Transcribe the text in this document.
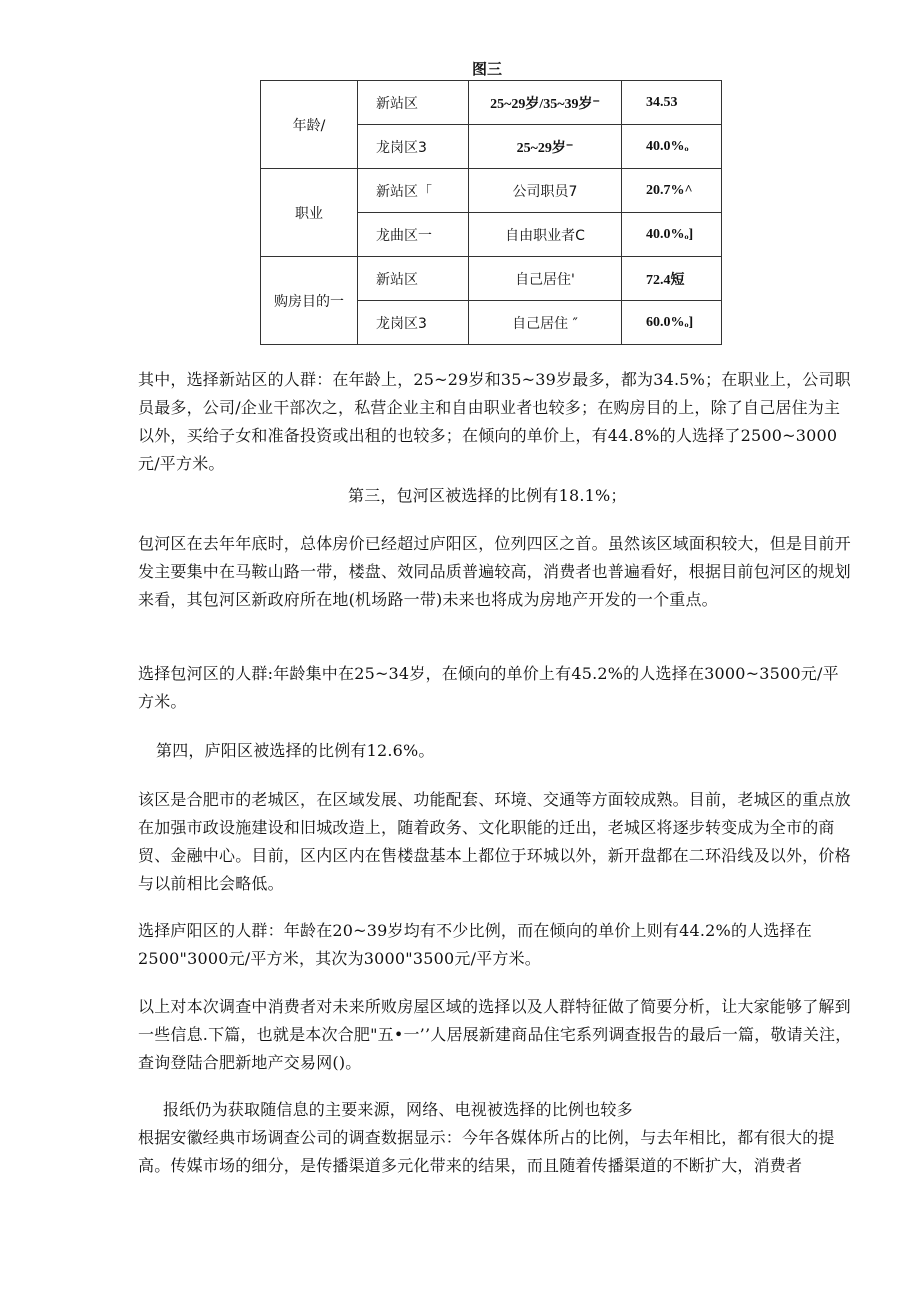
图三
年龄/	新站区	25~29岁/35~39岁⁻	34.53
	龙岗区3	25~29岁⁻	40.0%ₒ
职业	新站区「	公司职员7	20.7%^
	龙曲区一	自由职业者C	40.0%ₒ]
购房目的一	新站区	自己居住'	72.4短
	龙岗区3	自己居住 ″	60.0%ₒ]

其中，选择新站区的人群：在年龄上，25~29岁和35~39岁最多，都为34.5%；在职业上，公司职员最多，公司/企业干部次之，私营企业主和自由职业者也较多；在购房目的上，除了自己居住为主以外，买给子女和准备投资或出租的也较多；在倾向的单价上，有44.8%的人选择了2500~3000元/平方米。

第三，包河区被选择的比例有18.1%；

包河区在去年年底时，总体房价已经超过庐阳区，位列四区之首。虽然该区域面积较大，但是目前开发主要集中在马鞍山路一带，楼盘、效同品质普遍较高，消费者也普遍看好，根据目前包河区的规划来看，其包河区新政府所在地(机场路一带)未来也将成为房地产开发的一个重点。

选择包河区的人群:年龄集中在25~34岁，在倾向的单价上有45.2%的人选择在3000~3500元/平方米。

第四，庐阳区被选择的比例有12.6%。

该区是合肥市的老城区，在区域发展、功能配套、环境、交通等方面较成熟。目前，老城区的重点放在加强市政设施建设和旧城改造上，随着政务、文化职能的迁出，老城区将逐步转变成为全市的商贸、金融中心。目前，区内区内在售楼盘基本上都位于环城以外，新开盘都在二环沿线及以外，价格与以前相比会略低。

选择庐阳区的人群：年龄在20~39岁均有不少比例，而在倾向的单价上则有44.2%的人选择在2500"3000元/平方米，其次为3000"3500元/平方米。

以上对本次调查中消费者对未来所败房屋区域的选择以及人群特征做了简要分析，让大家能够了解到一些信息.下篇，也就是本次合肥"五•一’’人居展新建商品住宅系列调查报告的最后一篇，敬请关注，查询登陆合肥新地产交易网()。

报纸仍为获取随信息的主要来源，网络、电视被选择的比例也较多

根据安徽经典市场调查公司的调查数据显示：今年各媒体所占的比例，与去年相比，都有很大的提高。传媒市场的细分，是传播渠道多元化带来的结果，而且随着传播渠道的不断扩大，消费者
